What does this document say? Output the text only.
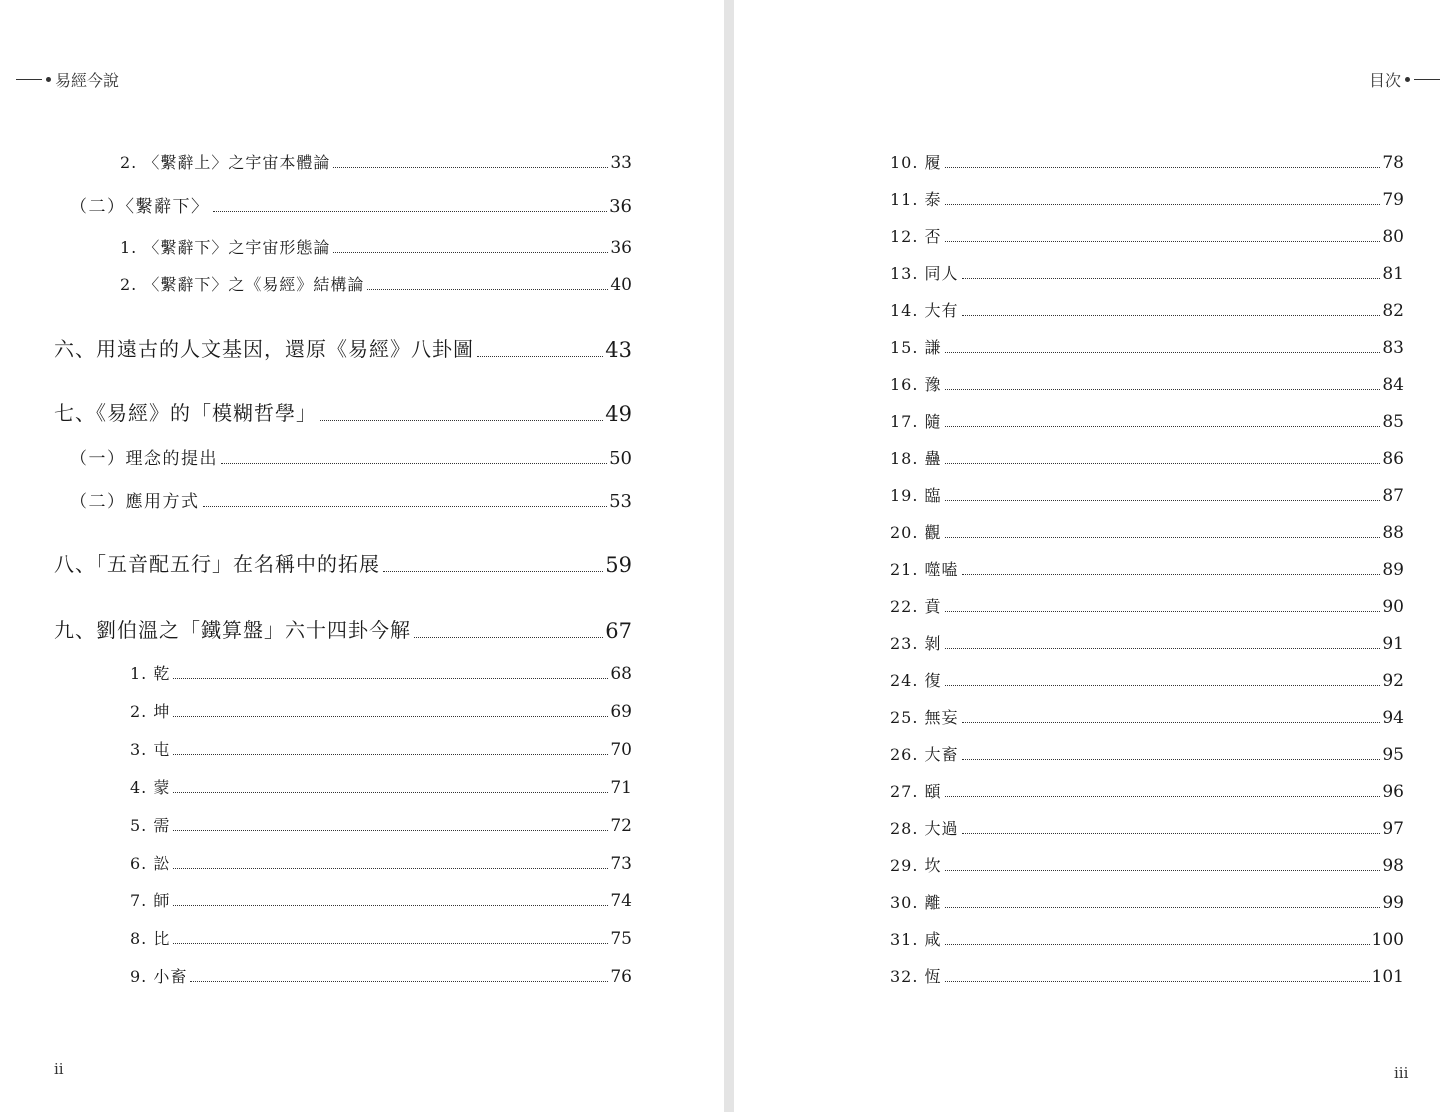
易經今說
2. 〈繫辭上〉之宇宙本體論	33
（二）〈繫辭下〉	36
1. 〈繫辭下〉之宇宙形態論	36
2. 〈繫辭下〉之《易經》結構論	40
六、用遠古的人文基因，還原《易經》八卦圖	43
七、《易經》的「模糊哲學」	49
（一）理念的提出	50
（二）應用方式	53
八、「五音配五行」在名稱中的拓展	59
九、劉伯溫之「鐵算盤」六十四卦今解	67
1. 乾	68
2. 坤	69
3. 屯	70
4. 蒙	71
5. 需	72
6. 訟	73
7. 師	74
8. 比	75
9. 小畜	76
ii
目次
10. 履	78
11. 泰	79
12. 否	80
13. 同人	81
14. 大有	82
15. 謙	83
16. 豫	84
17. 隨	85
18. 蠱	86
19. 臨	87
20. 觀	88
21. 噬嗑	89
22. 賁	90
23. 剝	91
24. 復	92
25. 無妄	94
26. 大畜	95
27. 頤	96
28. 大過	97
29. 坎	98
30. 離	99
31. 咸	100
32. 恆	101
iii
